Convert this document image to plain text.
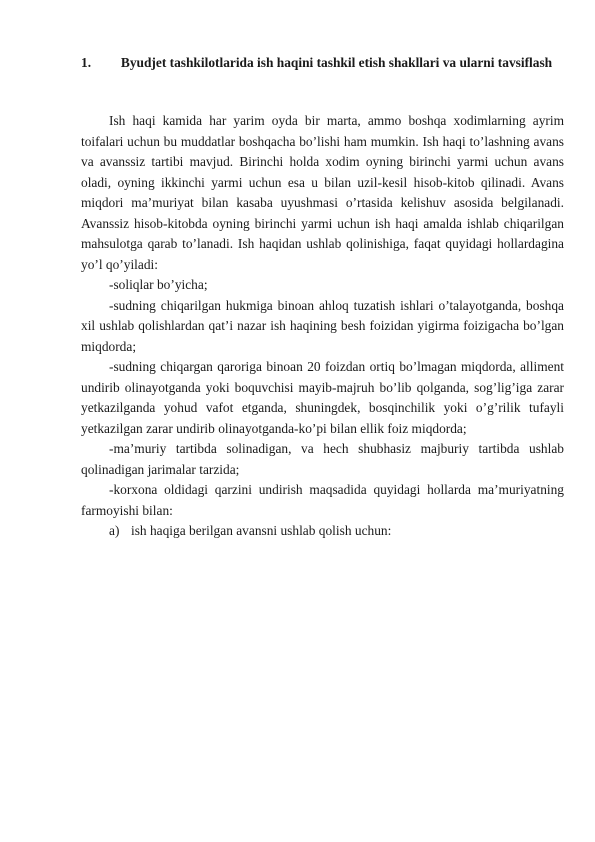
1.	Byudjet tashkilotlarida ish haqini tashkil etish shakllari va ularni tavsiflash

Ish haqi kamida har yarim oyda bir marta, ammo boshqa xodimlarning ayrim toifalari uchun bu muddatlar boshqacha bo’lishi ham mumkin. Ish haqi to’lashning avans va avanssiz tartibi mavjud. Birinchi holda xodim oyning birinchi yarmi uchun avans oladi, oyning ikkinchi yarmi uchun esa u bilan uzil-kesil hisob-kitob qilinadi. Avans miqdori ma’muriyat bilan kasaba uyushmasi o’rtasida kelishuv asosida belgilanadi. Avanssiz hisob-kitobda oyning birinchi yarmi uchun ish haqi amalda ishlab chiqarilgan mahsulotga qarab to’lanadi. Ish haqidan ushlab qolinishiga, faqat quyidagi hollardagina yo’l qo’yiladi:

-soliqlar bo’yicha;

-sudning chiqarilgan hukmiga binoan ahloq tuzatish ishlari o’talayotganda, boshqa xil ushlab qolishlardan qat’i nazar ish haqining besh foizidan yigirma foizigacha bo’lgan miqdorda;

-sudning chiqargan qaroriga binoan 20 foizdan ortiq bo’lmagan miqdorda, alliment undirib olinayotganda yoki boquvchisi mayib-majruh bo’lib qolganda, sog’lig’iga zarar yetkazilganda yohud vafot etganda, shuningdek, bosqinchilik yoki o’g’rilik tufayli yetkazilgan zarar undirib olinayotganda-ko’pi bilan ellik foiz miqdorda;

-ma’muriy tartibda solinadigan, va hech shubhasiz majburiy tartibda ushlab qolinadigan jarimalar tarzida;

-korxona oldidagi qarzini undirish maqsadida quyidagi hollarda ma’muriyatning farmoyishi bilan:

a) ish haqiga berilgan avansni ushlab qolish uchun:
